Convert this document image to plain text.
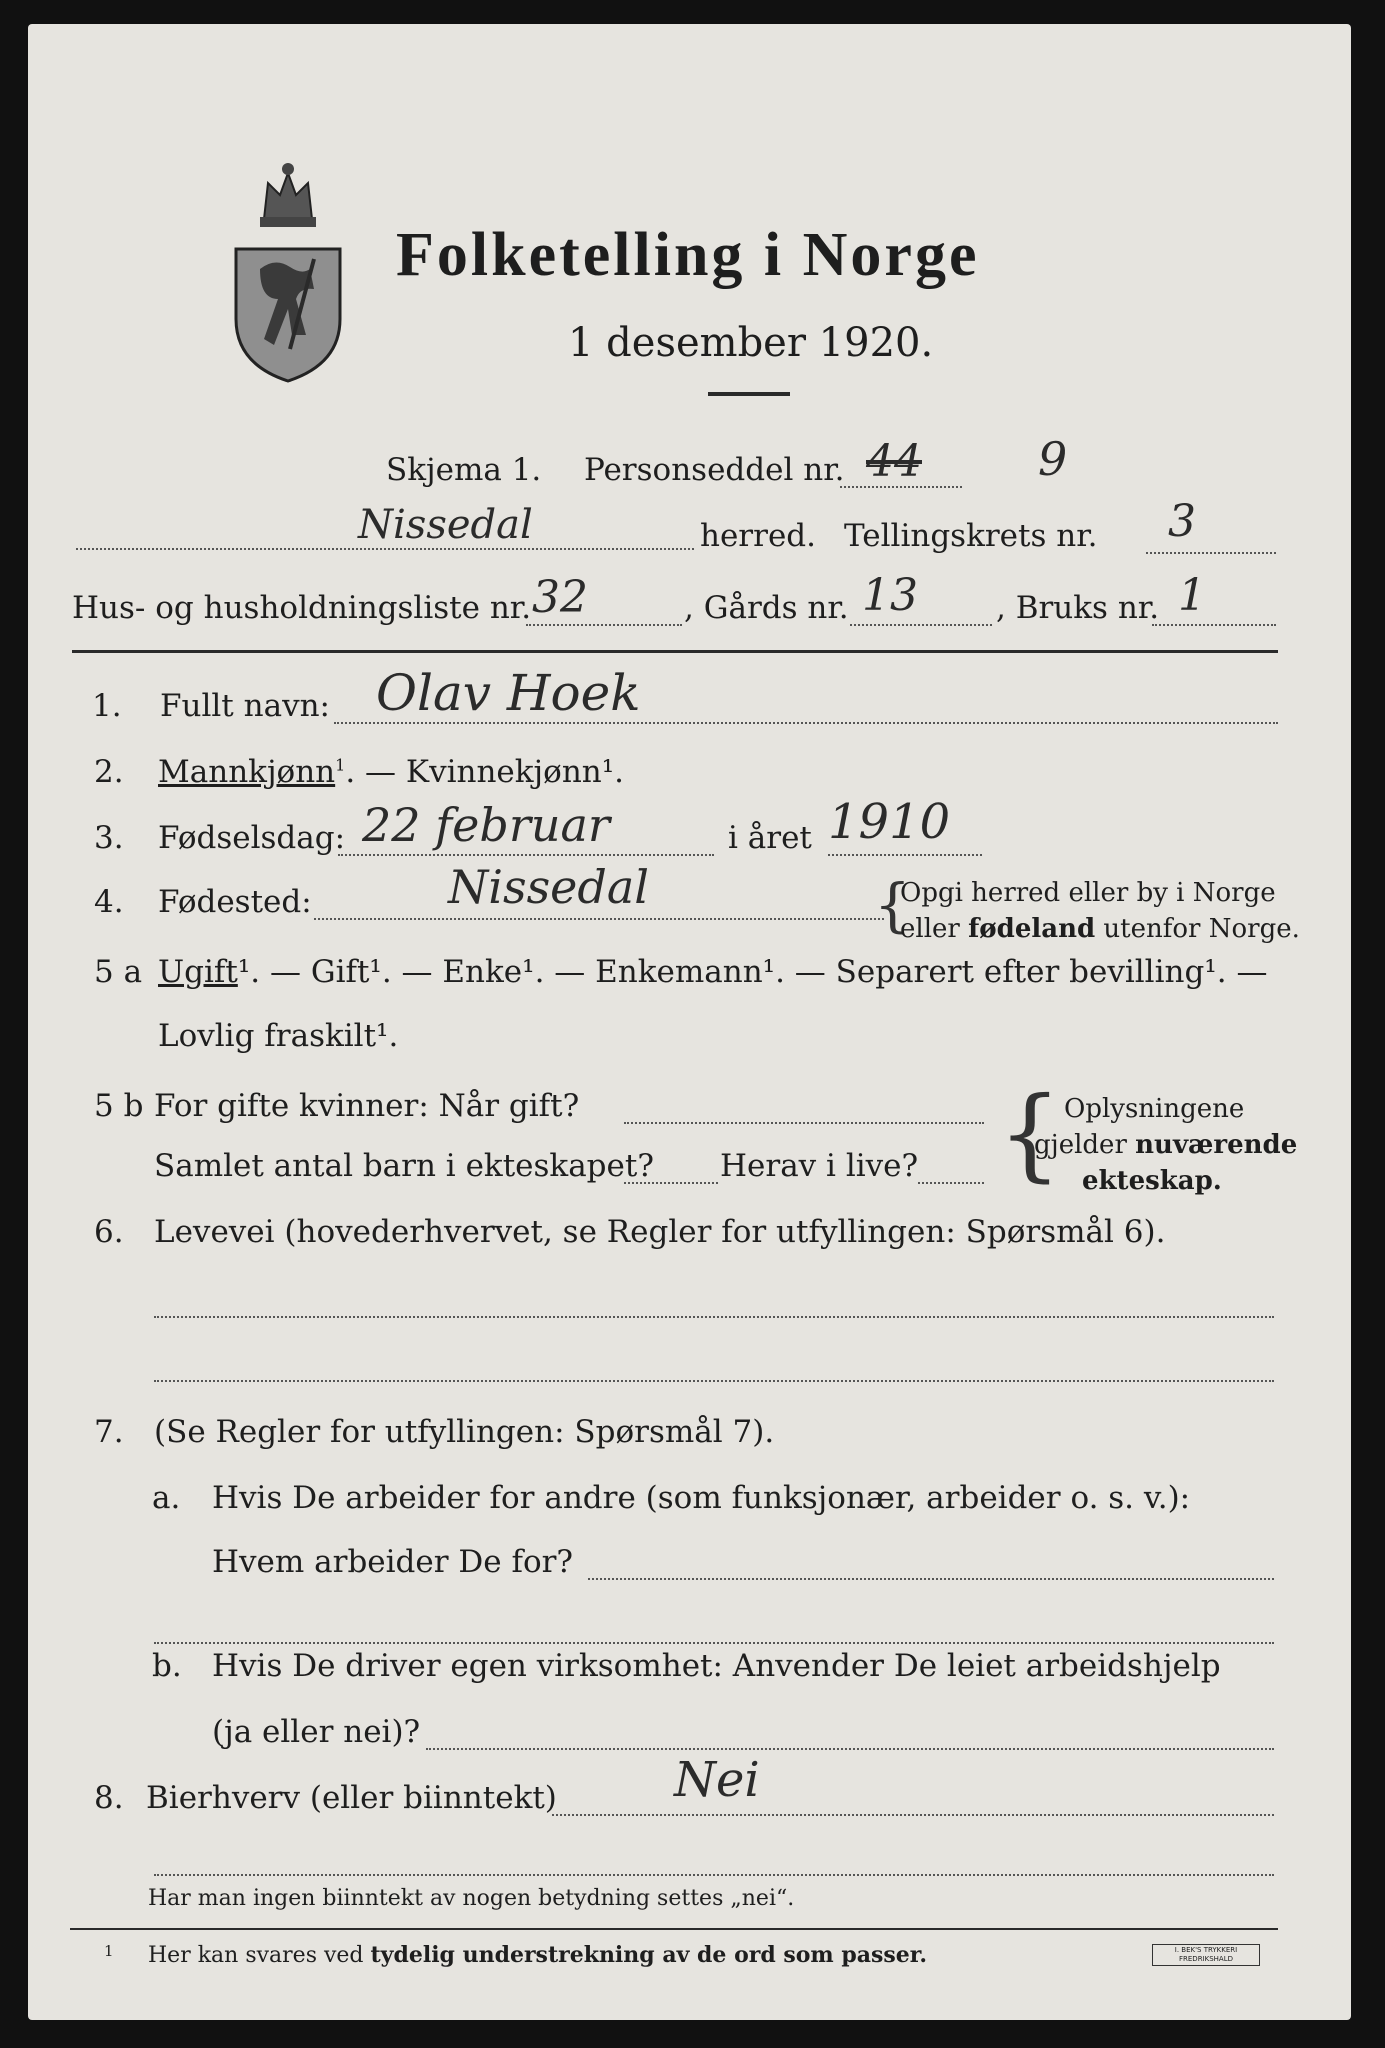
Folketelling i Norge
1 desember 1920.
Skjema 1. Personseddel nr. 44	9
Nissedal	herred. Tellingskrets nr. 3
Hus- og husholdningsliste nr. 32	, Gårds nr. 13	, Bruks nr. 1
1. Fullt navn: Olav Hoek
2. Mannkjønn$^1$. — Kvinnekjønn¹.
3. Fødselsdag: 22 februar	i året 1910
4. Fødested:	Nissedal	{
Opgi herred eller by i Norge
eller fødeland utenfor Norge.
5 a Ugift¹. — Gift¹. — Enke¹. — Enkemann¹. — Separert efter bevilling¹. —
Lovlig fraskilt¹.
5 b For gifte kvinner: Når gift?
Samlet antal barn i ekteskapet? Herav i live? { Oplysningene
gjelder nuværende
ekteskap.
6. Levevei (hovederhvervet, se Regler for utfyllingen: Spørsmål 6).
7. (Se Regler for utfyllingen: Spørsmål 7).
a. Hvis De arbeider for andre (som funksjonær, arbeider o. s. v.):
Hvem arbeider De for?
b. Hvis De driver egen virksomhet: Anvender De leiet arbeidshjelp
(ja eller nei)?
8. Bierhverv (eller biinntekt) Nei
Har man ingen biinntekt av nogen betydning settes „nei“.
1 Her kan svares ved tydelig understrekning av de ord som passer.	I. BEK'S TRYKKERI
FREDRIKSHALD
